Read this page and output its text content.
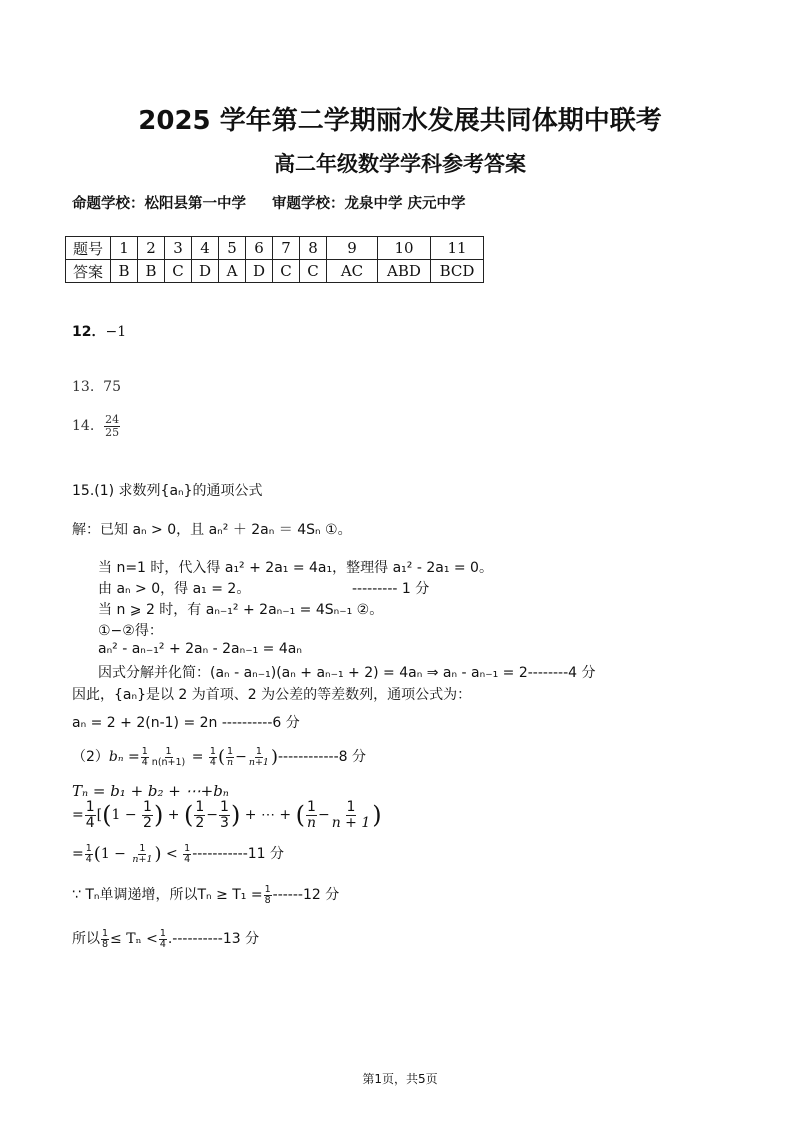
2025 学年第二学期丽水发展共同体期中联考
高二年级数学学科参考答案
命题学校：松阳县第一中学 审题学校：龙泉中学 庆元中学
题号	1	2	3	4	5	6	7	8	9	10	11
答案	B	B	C	D	A	D	C	C	AC	ABD	BCD
12．−1
13. 75
14. $\frac{24}{25}$
15.(1) 求数列{aₙ}的通项公式
解：已知 aₙ > 0，且 aₙ² ＋ 2aₙ ＝ 4Sₙ ①。
当 n=1 时，代入得 a₁² + 2a₁ = 4a₁，整理得 a₁² - 2a₁ = 0。
由 aₙ > 0，得 a₁ = 2。	--------- 1 分
当 n ⩾ 2 时，有 aₙ₋₁² + 2aₙ₋₁ = 4Sₙ₋₁ ②。
①−②得：
aₙ² - aₙ₋₁² + 2aₙ - 2aₙ₋₁ = 4aₙ
因式分解并化简：(aₙ - aₙ₋₁)(aₙ + aₙ₋₁ + 2) = 4aₙ ⇒ aₙ - aₙ₋₁ = 2--------4 分
因此，{aₙ}是以 2 为首项、2 为公差的等差数列，通项公式为：
aₙ = 2 + 2(n-1) = 2n ----------6 分
$(2)b_n = \frac{1}{4} \frac{1}{n(n+1)} = \frac{1}{4}$ ( $\frac{1}{n} - \frac{1}{n+1} )------------8$ 分
Tₙ = b₁ + b₂ + ⋯+bₙ
= $\frac{1}{4} [(1 - \frac{1}{2}$ ) + ( $\frac{1}{2} - \frac{1}{3}$ ) + ⋯ + ( $\frac{1}{n} - \frac{1}{n + 1}$ )
= $\frac{1}{4} (1 - \frac{1}{n+1}$ ) < $\frac{1}{4} -----------11$ 分
∵ Tₙ单调递增，所以$T_n \ge T_1 = \frac{1}{8} ------12$ 分
所以 $\frac{1}{8} \le T_n < \frac{1}{4} .----------13$ 分
第1页，共5页
